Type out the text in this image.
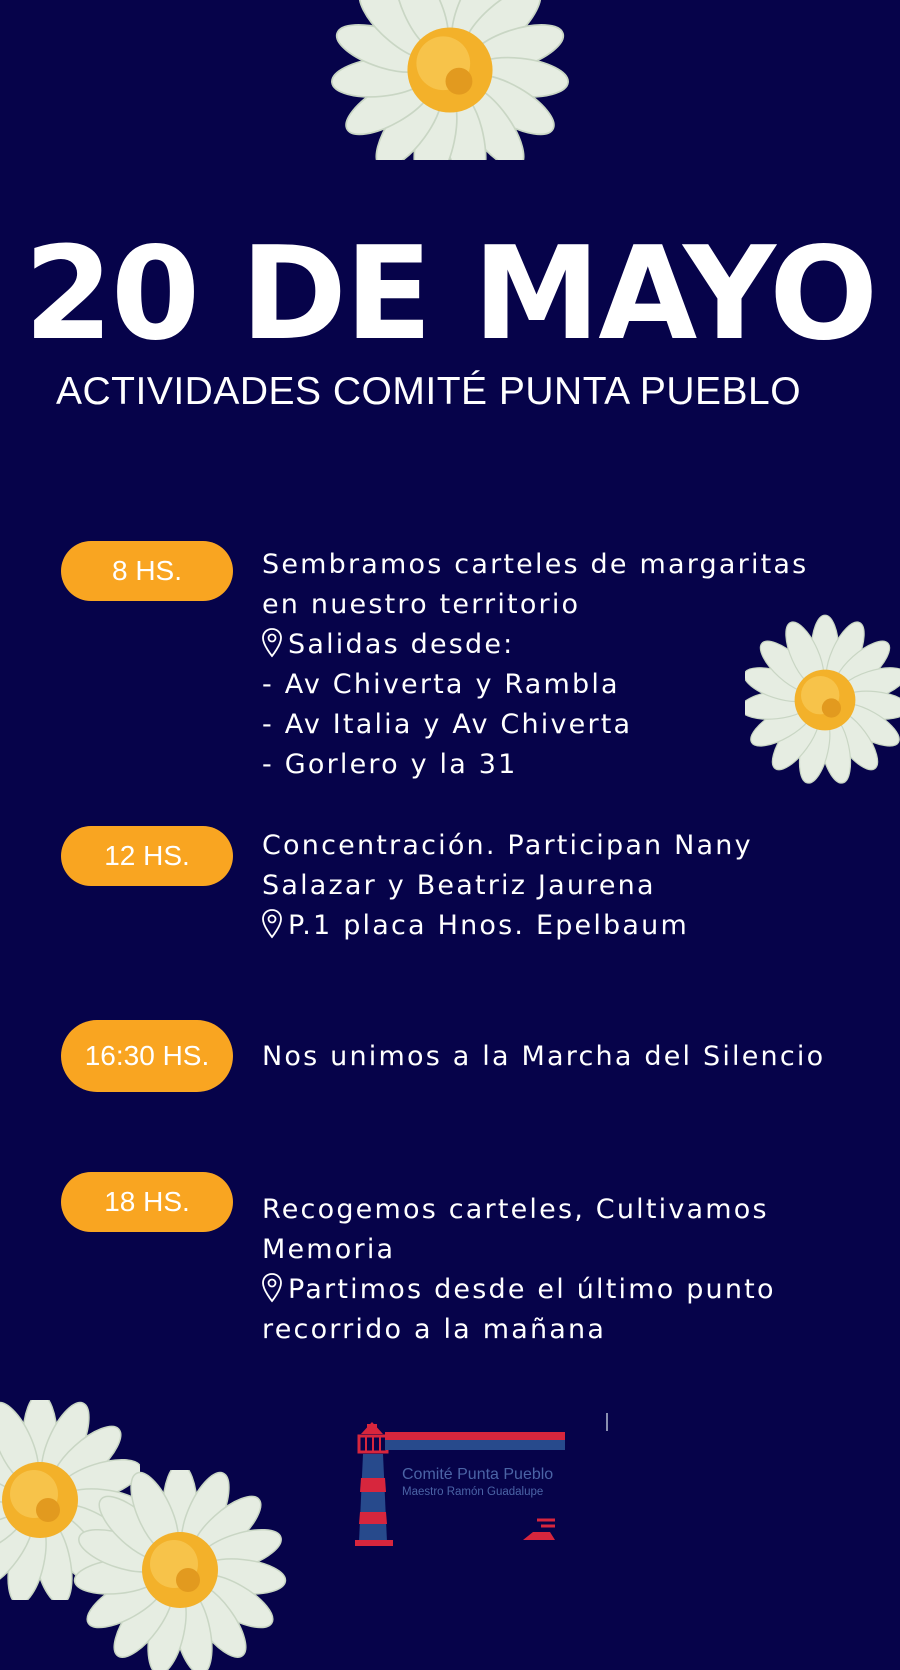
20 DE MAYO
ACTIVIDADES COMITÉ PUNTA PUEBLO
8 HS.	Sembramos carteles de margaritas
en nuestro territorio
Salidas desde:
- Av Chiverta y Rambla
- Av Italia y Av Chiverta
- Gorlero y la 31
12 HS.	Concentración. Participan Nany
Salazar y Beatriz Jaurena
P.1 placa Hnos. Epelbaum
16:30 HS.	Nos unimos a la Marcha del Silencio
18 HS.	Recogemos carteles, Cultivamos
Memoria
Partimos desde el último punto
recorrido a la mañana
Comité Punta Pueblo
Maestro Ramón Guadalupe
